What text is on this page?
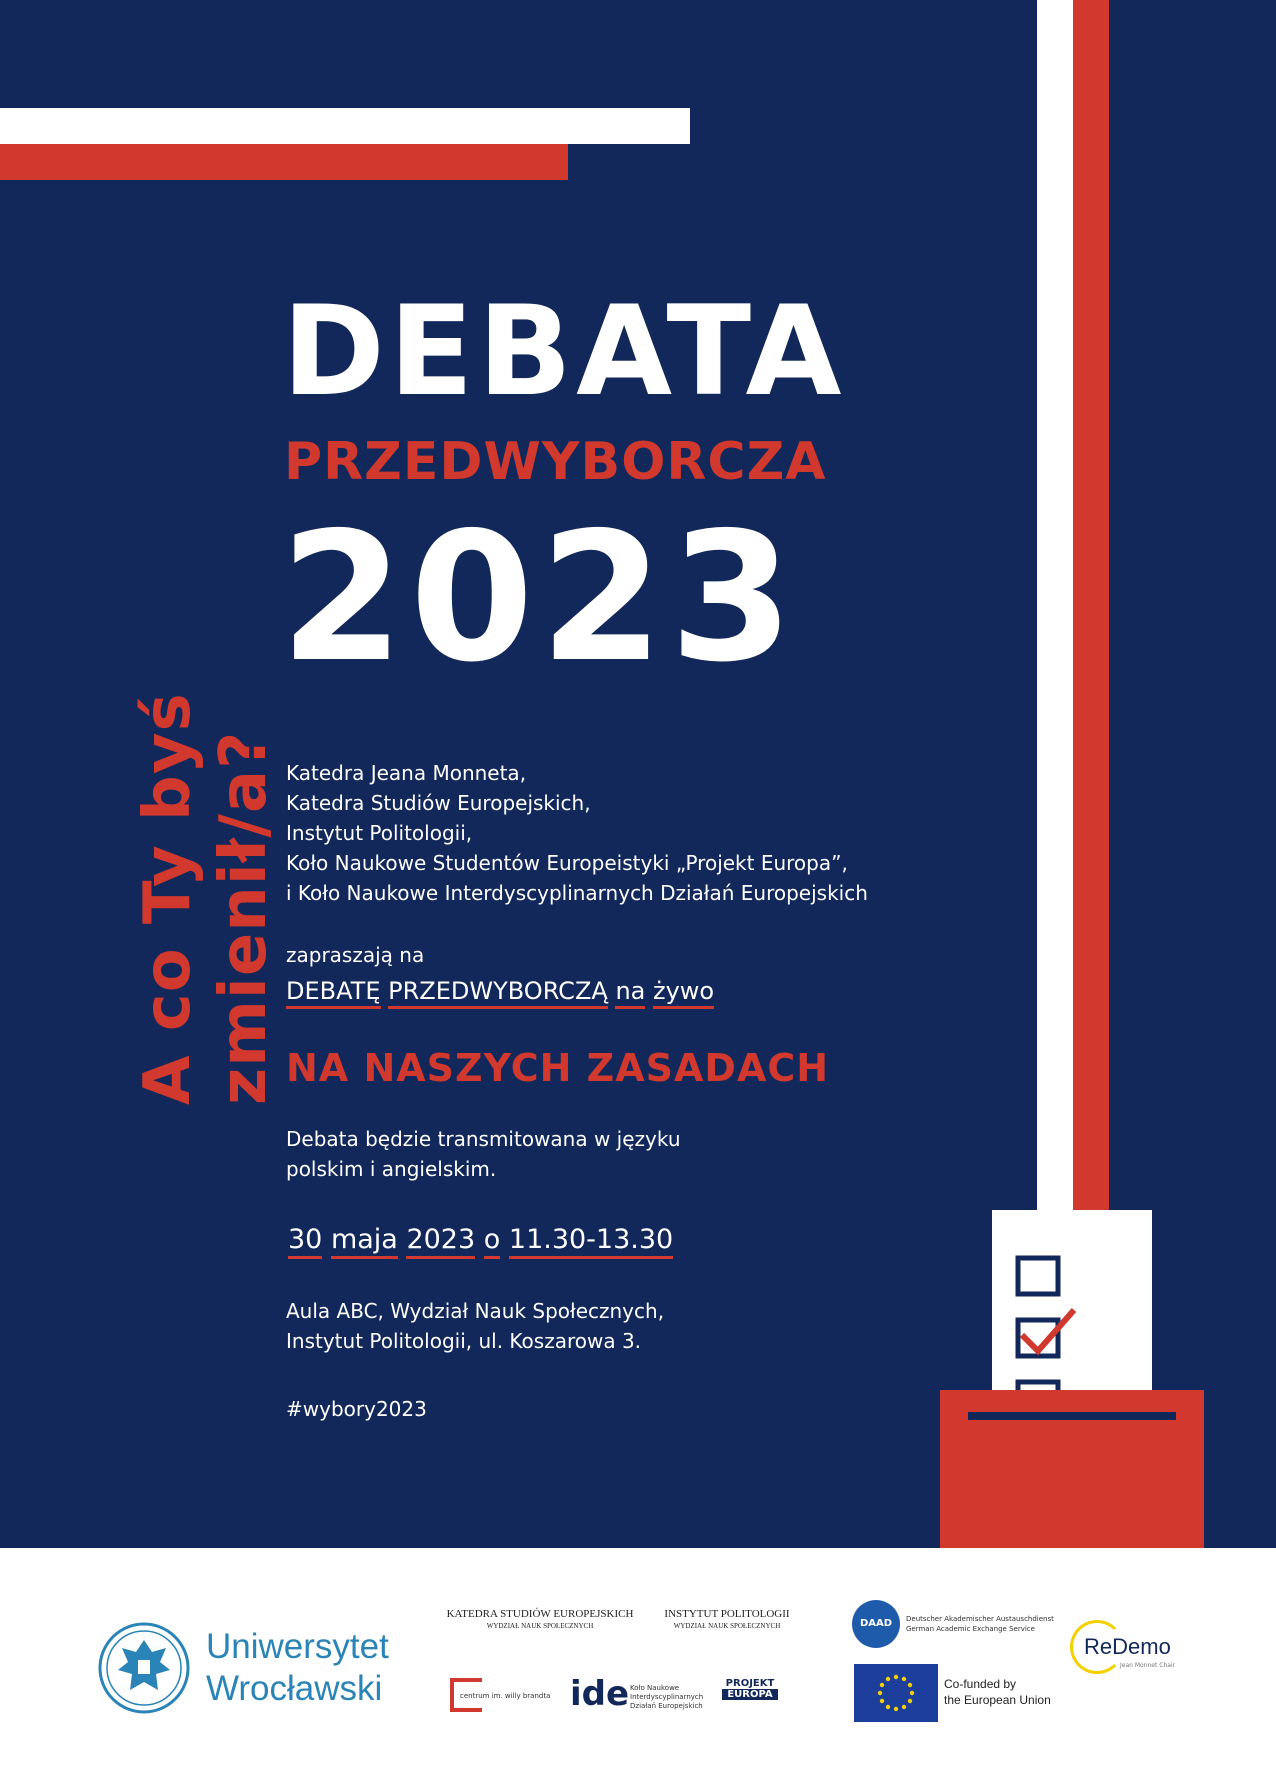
A co Ty byś zmienił/a?
DEBATA
PRZEDWYBORCZA
2023
Katedra Jeana Monneta,
Katedra Studiów Europejskich,
Instytut Politologii,
Koło Naukowe Studentów Europeistyki „Projekt Europa”,
i Koło Naukowe Interdyscyplinarnych Działań Europejskich
zapraszają na
DEBATĘ PRZEDWYBORCZĄ na żywo
NA NASZYCH ZASADACH
Debata będzie transmitowana w języku
polskim i angielskim.
30 maja 2023 o 11.30-13.30
Aula ABC, Wydział Nauk Społecznych,
Instytut Politologii, ul. Koszarowa 3.
#wybory2023
Uniwersytet
Wrocławski
KATEDRA STUDIÓW EUROPEJSKICH
WYDZIAŁ NAUK SPOŁECZNYCH
INSTYTUT POLITOLOGII
WYDZIAŁ NAUK SPOŁECZNYCH
centrum im. willy brandta ide Koło Naukowe
Interdyscyplinarnych
Działań Europejskich
PROJEKT
EUROPA
DAAD	Deutscher Akademischer Austauschdienst
German Academic Exchange Service
Co-funded by
the European Union
ReDemo
Jean Monnet Chair
